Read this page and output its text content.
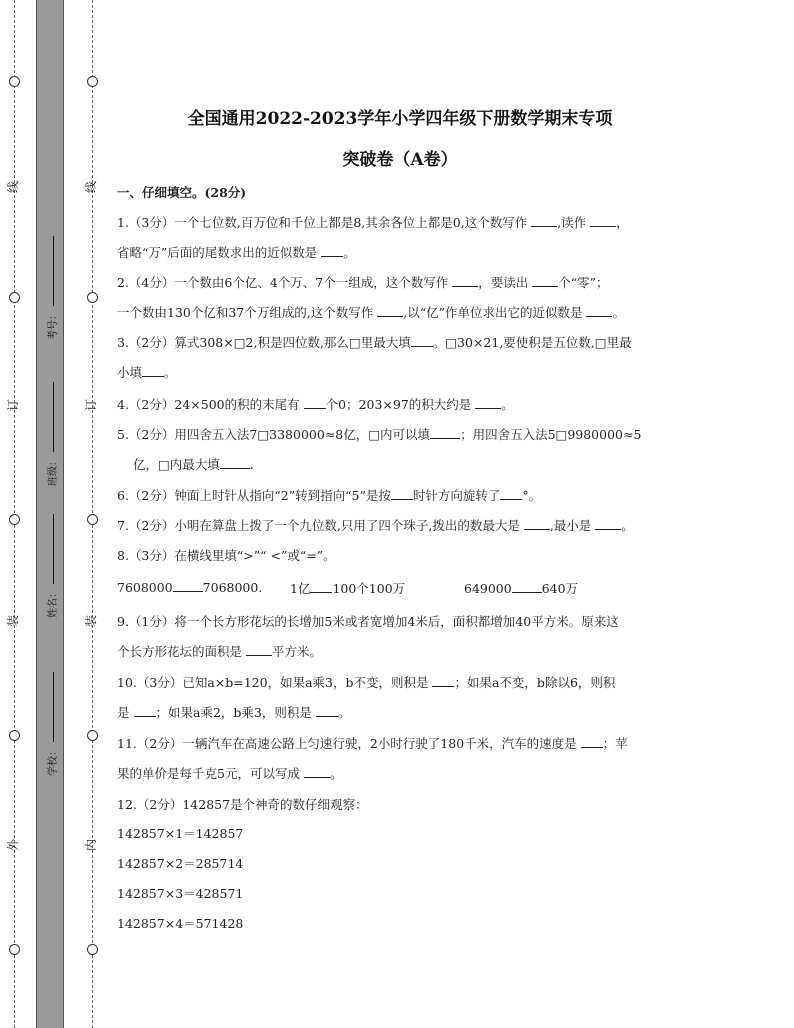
线
订
装
外
线
订
装
内
考号：
班级：
姓名：
学校：
全国通用2022-2023学年小学四年级下册数学期末专项
突破卷（A卷）
一、仔细填空。(28分)
1.（3分）一个七位数,百万位和千位上都是8,其余各位上都是0,这个数写作 ,读作 ，
省略“万”后面的尾数求出的近似数是 。
2.（4分）一个数由6个亿、4个万、7个一组成，这个数写作 ，要读出 个“零”；
一个数由130个亿和37个万组成的,这个数写作 ,以“亿”作单位求出它的近似数是 。
3.（2分）算式308×□2,积是四位数,那么□里最大填 。□30×21,要使积是五位数,□里最
小填 。
4.（2分）24×500的积的末尾有 个0；203×97的积大约是 。
5.（2分）用四舍五入法7□3380000≈8亿，□内可以填 ；用四舍五入法5□9980000≈5
亿，□内最大填 .
6.（2分）钟面上时针从指向“2”转到指向“5”是按 时针方向旋转了 °。
7.（2分）小明在算盘上拨了一个九位数,只用了四个珠子,拨出的数最大是 ,最小是 。
8.（3分）在横线里填“>”“ <”或“=”。
7608000 7068000. 1亿 100个100万	649000 640万
9.（1分）将一个长方形花坛的长增加5米或者宽增加4米后，面积都增加40平方米。原来这
个长方形花坛的面积是 平方米。
10.（3分）已知a×b=120，如果a乘3，b不变，则积是 ；如果a不变，b除以6，则积
是 ；如果a乘2，b乘3，则积是 。
11.（2分）一辆汽车在高速公路上匀速行驶，2小时行驶了180千米，汽车的速度是 ；苹
果的单价是每千克5元，可以写成 。
12.（2分）142857是个神奇的数仔细观察：
142857×1＝142857
142857×2＝285714
142857×3＝428571
142857×4＝571428
